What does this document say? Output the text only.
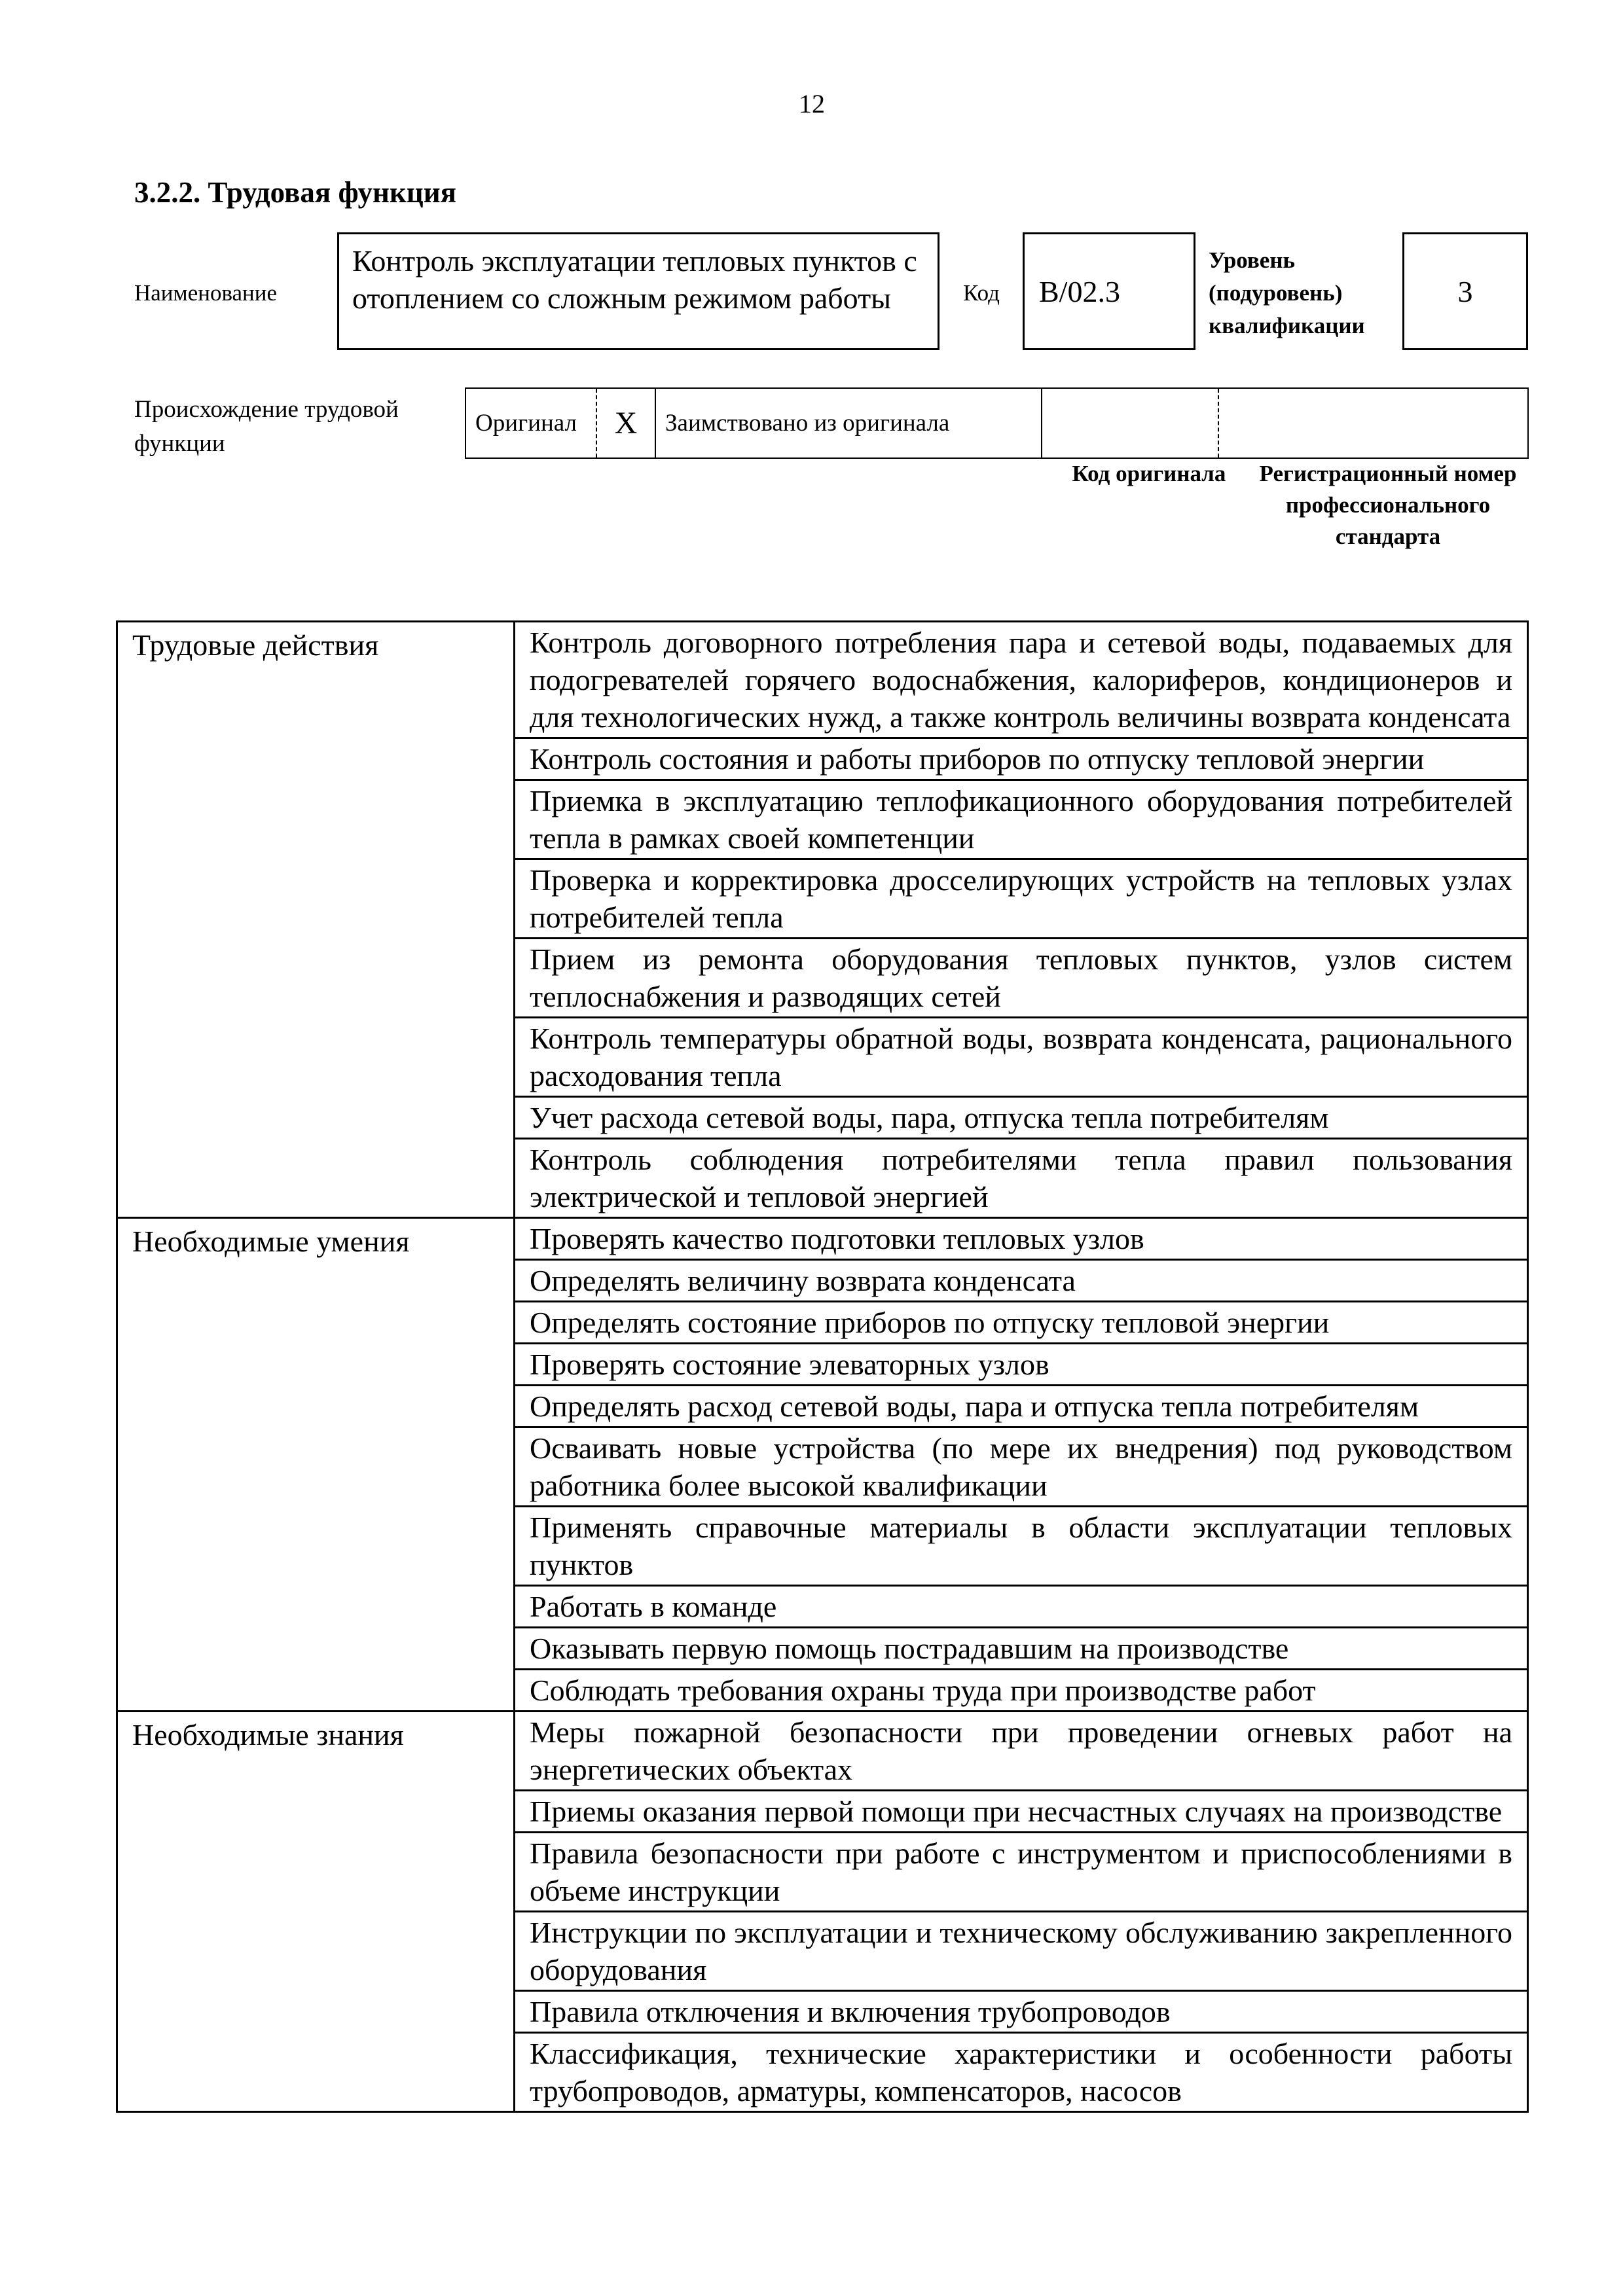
12
3.2.2. Трудовая функция
Наименование
Контроль эксплуатации тепловых пунктов с отоплением со сложным режимом работы	Код	B/02.3
Уровень
(подуровень)
квалификации
3
Происхождение трудовой функции
Оригинал	X	Заимствовано из оригинала		
Код оригинала	Регистрационный номер профессионального стандарта
Трудовые действия	Контроль договорного потребления пара и сетевой воды, подаваемых для подогревателей горячего водоснабжения, калориферов, кондиционеров и для технологических нужд, а также контроль величины возврата конденсата
	Контроль состояния и работы приборов по отпуску тепловой энергии
	Приемка в эксплуатацию теплофикационного оборудования потребителей тепла в рамках своей компетенции
	Проверка и корректировка дросселирующих устройств на тепловых узлах потребителей тепла
	Прием из ремонта оборудования тепловых пунктов, узлов систем теплоснабжения и разводящих сетей
	Контроль температуры обратной воды, возврата конденсата, рационального расходования тепла
	Учет расхода сетевой воды, пара, отпуска тепла потребителям
	Контроль соблюдения потребителями тепла правил пользования электрической и тепловой энергией
Необходимые умения	Проверять качество подготовки тепловых узлов
	Определять величину возврата конденсата
	Определять состояние приборов по отпуску тепловой энергии
	Проверять состояние элеваторных узлов
	Определять расход сетевой воды, пара и отпуска тепла потребителям
	Осваивать новые устройства (по мере их внедрения) под руководством работника более высокой квалификации
	Применять справочные материалы в области эксплуатации тепловых пунктов
	Работать в команде
	Оказывать первую помощь пострадавшим на производстве
	Соблюдать требования охраны труда при производстве работ
Необходимые знания	Меры пожарной безопасности при проведении огневых работ на энергетических объектах
	Приемы оказания первой помощи при несчастных случаях на производстве
	Правила безопасности при работе с инструментом и приспособлениями в объеме инструкции
	Инструкции по эксплуатации и техническому обслуживанию закрепленного оборудования
	Правила отключения и включения трубопроводов
	Классификация, технические характеристики и особенности работы трубопроводов, арматуры, компенсаторов, насосов
